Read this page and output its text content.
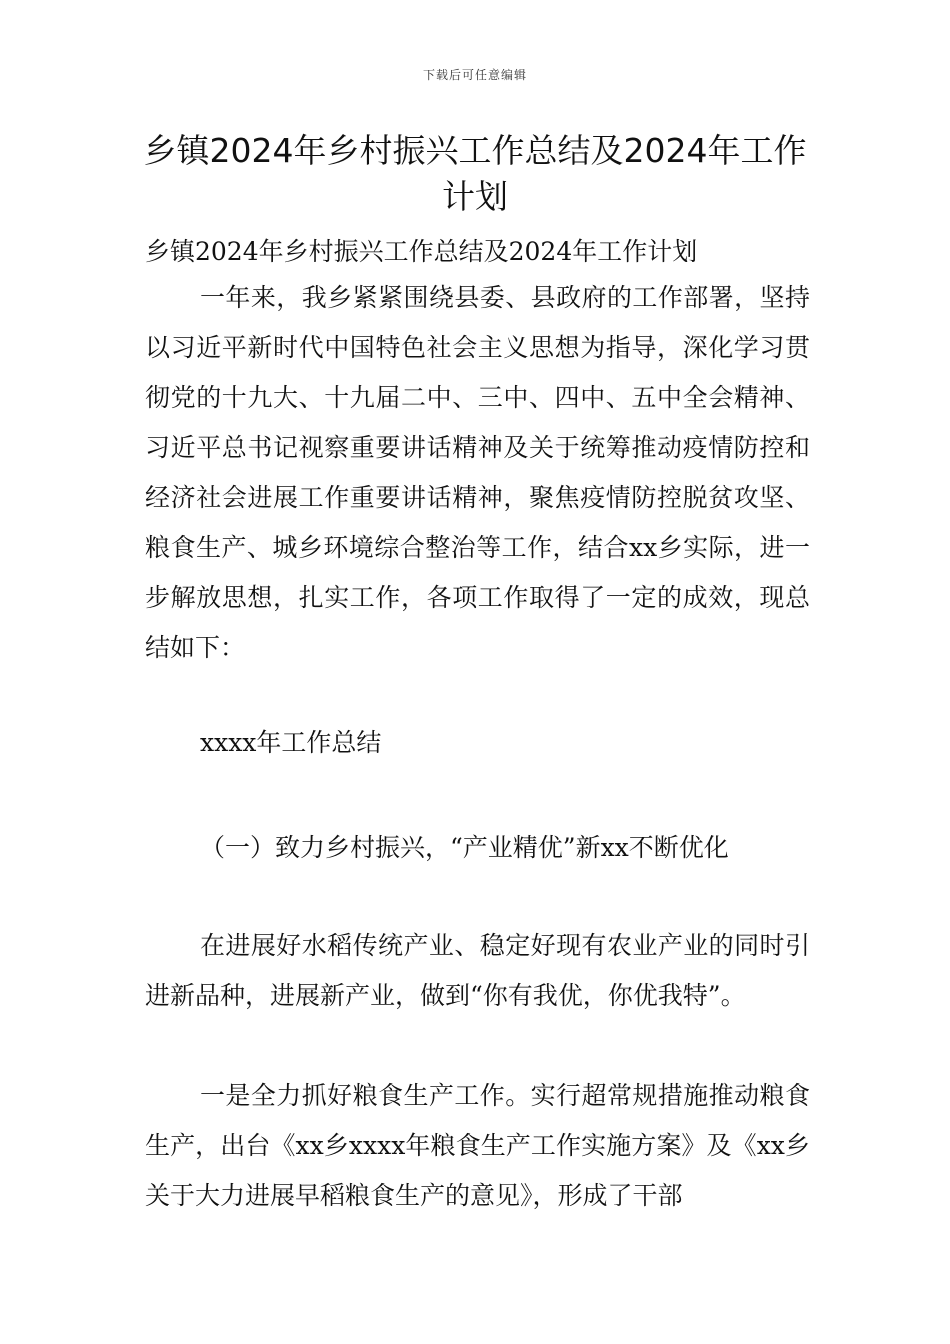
下载后可任意编辑
乡镇2024年乡村振兴工作总结及2024年工作计划

乡镇2024年乡村振兴工作总结及2024年工作计划

一年来，我乡紧紧围绕县委、县政府的工作部署，坚持以习近平新时代中国特色社会主义思想为指导，深化学习贯彻党的十九大、十九届二中、三中、四中、五中全会精神、习近平总书记视察重要讲话精神及关于统筹推动疫情防控和经济社会进展工作重要讲话精神，聚焦疫情防控脱贫攻坚、粮食生产、城乡环境综合整治等工作，结合xx乡实际，进一步解放思想，扎实工作，各项工作取得了一定的成效，现总结如下：

xxxx年工作总结

（一）致力乡村振兴，“产业精优”新xx不断优化

在进展好水稻传统产业、稳定好现有农业产业的同时引进新品种，进展新产业，做到“你有我优，你优我特”。

一是全力抓好粮食生产工作。实行超常规措施推动粮食生产，出台《xx乡xxxx年粮食生产工作实施方案》及《xx乡关于大力进展早稻粮食生产的意见》，形成了干部
